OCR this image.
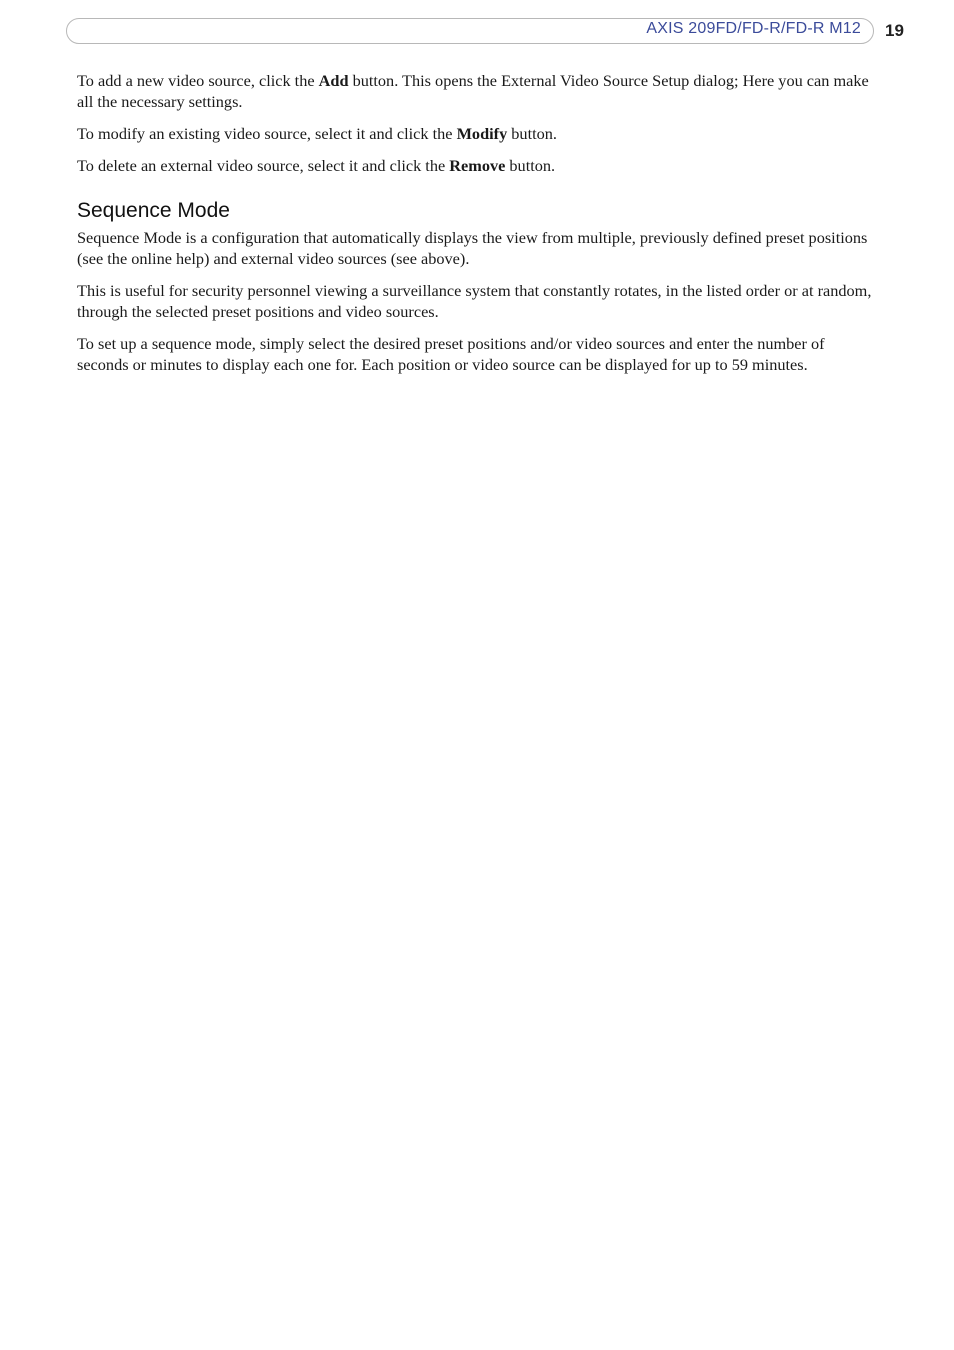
AXIS 209FD/FD-R/FD-R M12 19

To add a new video source, click the Add button. This opens the External Video Source Setup dialog; Here you can make all the necessary settings.

To modify an existing video source, select it and click the Modify button.

To delete an external video source, select it and click the Remove button.

Sequence Mode

Sequence Mode is a configuration that automatically displays the view from multiple, previously defined preset positions (see the online help) and external video sources (see above).

This is useful for security personnel viewing a surveillance system that constantly rotates, in the listed order or at random, through the selected preset positions and video sources.

To set up a sequence mode, simply select the desired preset positions and/or video sources and enter the number of seconds or minutes to display each one for. Each position or video source can be displayed for up to 59 minutes.
